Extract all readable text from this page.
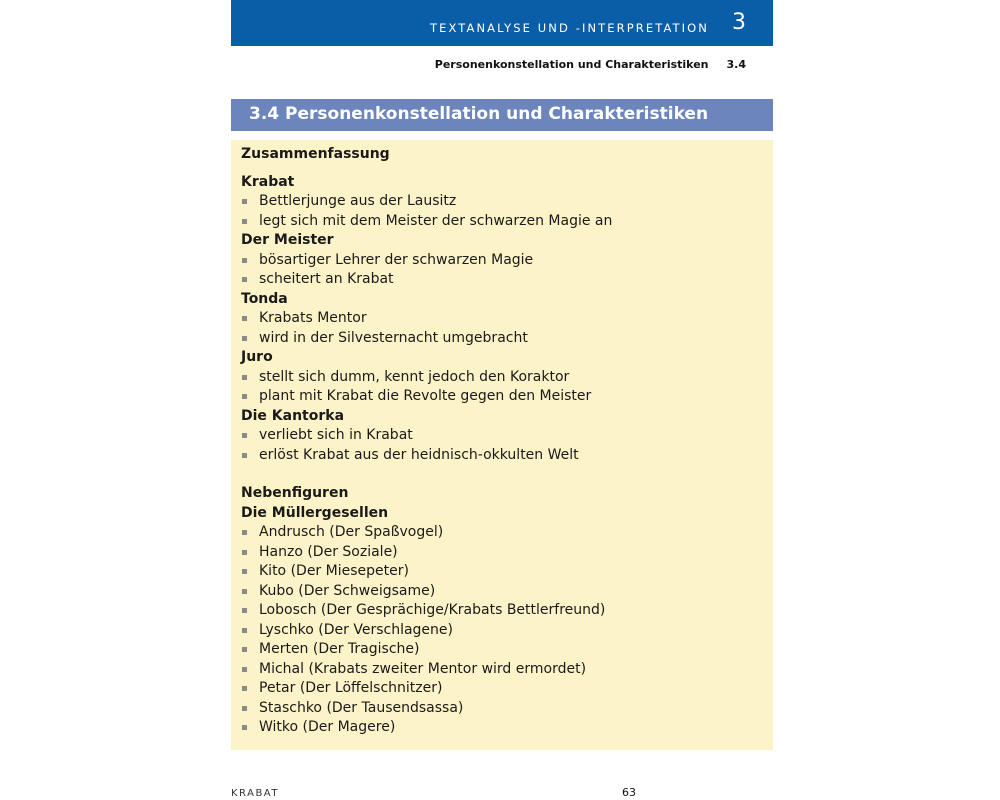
TEXTANALYSE UND -INTERPRETATION 3
Personenkonstellation und Charakteristiken 3.4
3.4 Personenkonstellation und Charakteristiken
Zusammenfassung
Krabat
Bettlerjunge aus der Lausitz
legt sich mit dem Meister der schwarzen Magie an
Der Meister
bösartiger Lehrer der schwarzen Magie
scheitert an Krabat
Tonda
Krabats Mentor
wird in der Silvesternacht umgebracht
Juro
stellt sich dumm, kennt jedoch den Koraktor
plant mit Krabat die Revolte gegen den Meister
Die Kantorka
verliebt sich in Krabat
erlöst Krabat aus der heidnisch-okkulten Welt
Nebenfiguren
Die Müllergesellen
Andrusch (Der Spaßvogel)
Hanzo (Der Soziale)
Kito (Der Miesepeter)
Kubo (Der Schweigsame)
Lobosch (Der Gesprächige/Krabats Bettlerfreund)
Lyschko (Der Verschlagene)
Merten (Der Tragische)
Michal (Krabats zweiter Mentor wird ermordet)
Petar (Der Löffelschnitzer)
Staschko (Der Tausendsassa)
Witko (Der Magere)
KRABAT	63
